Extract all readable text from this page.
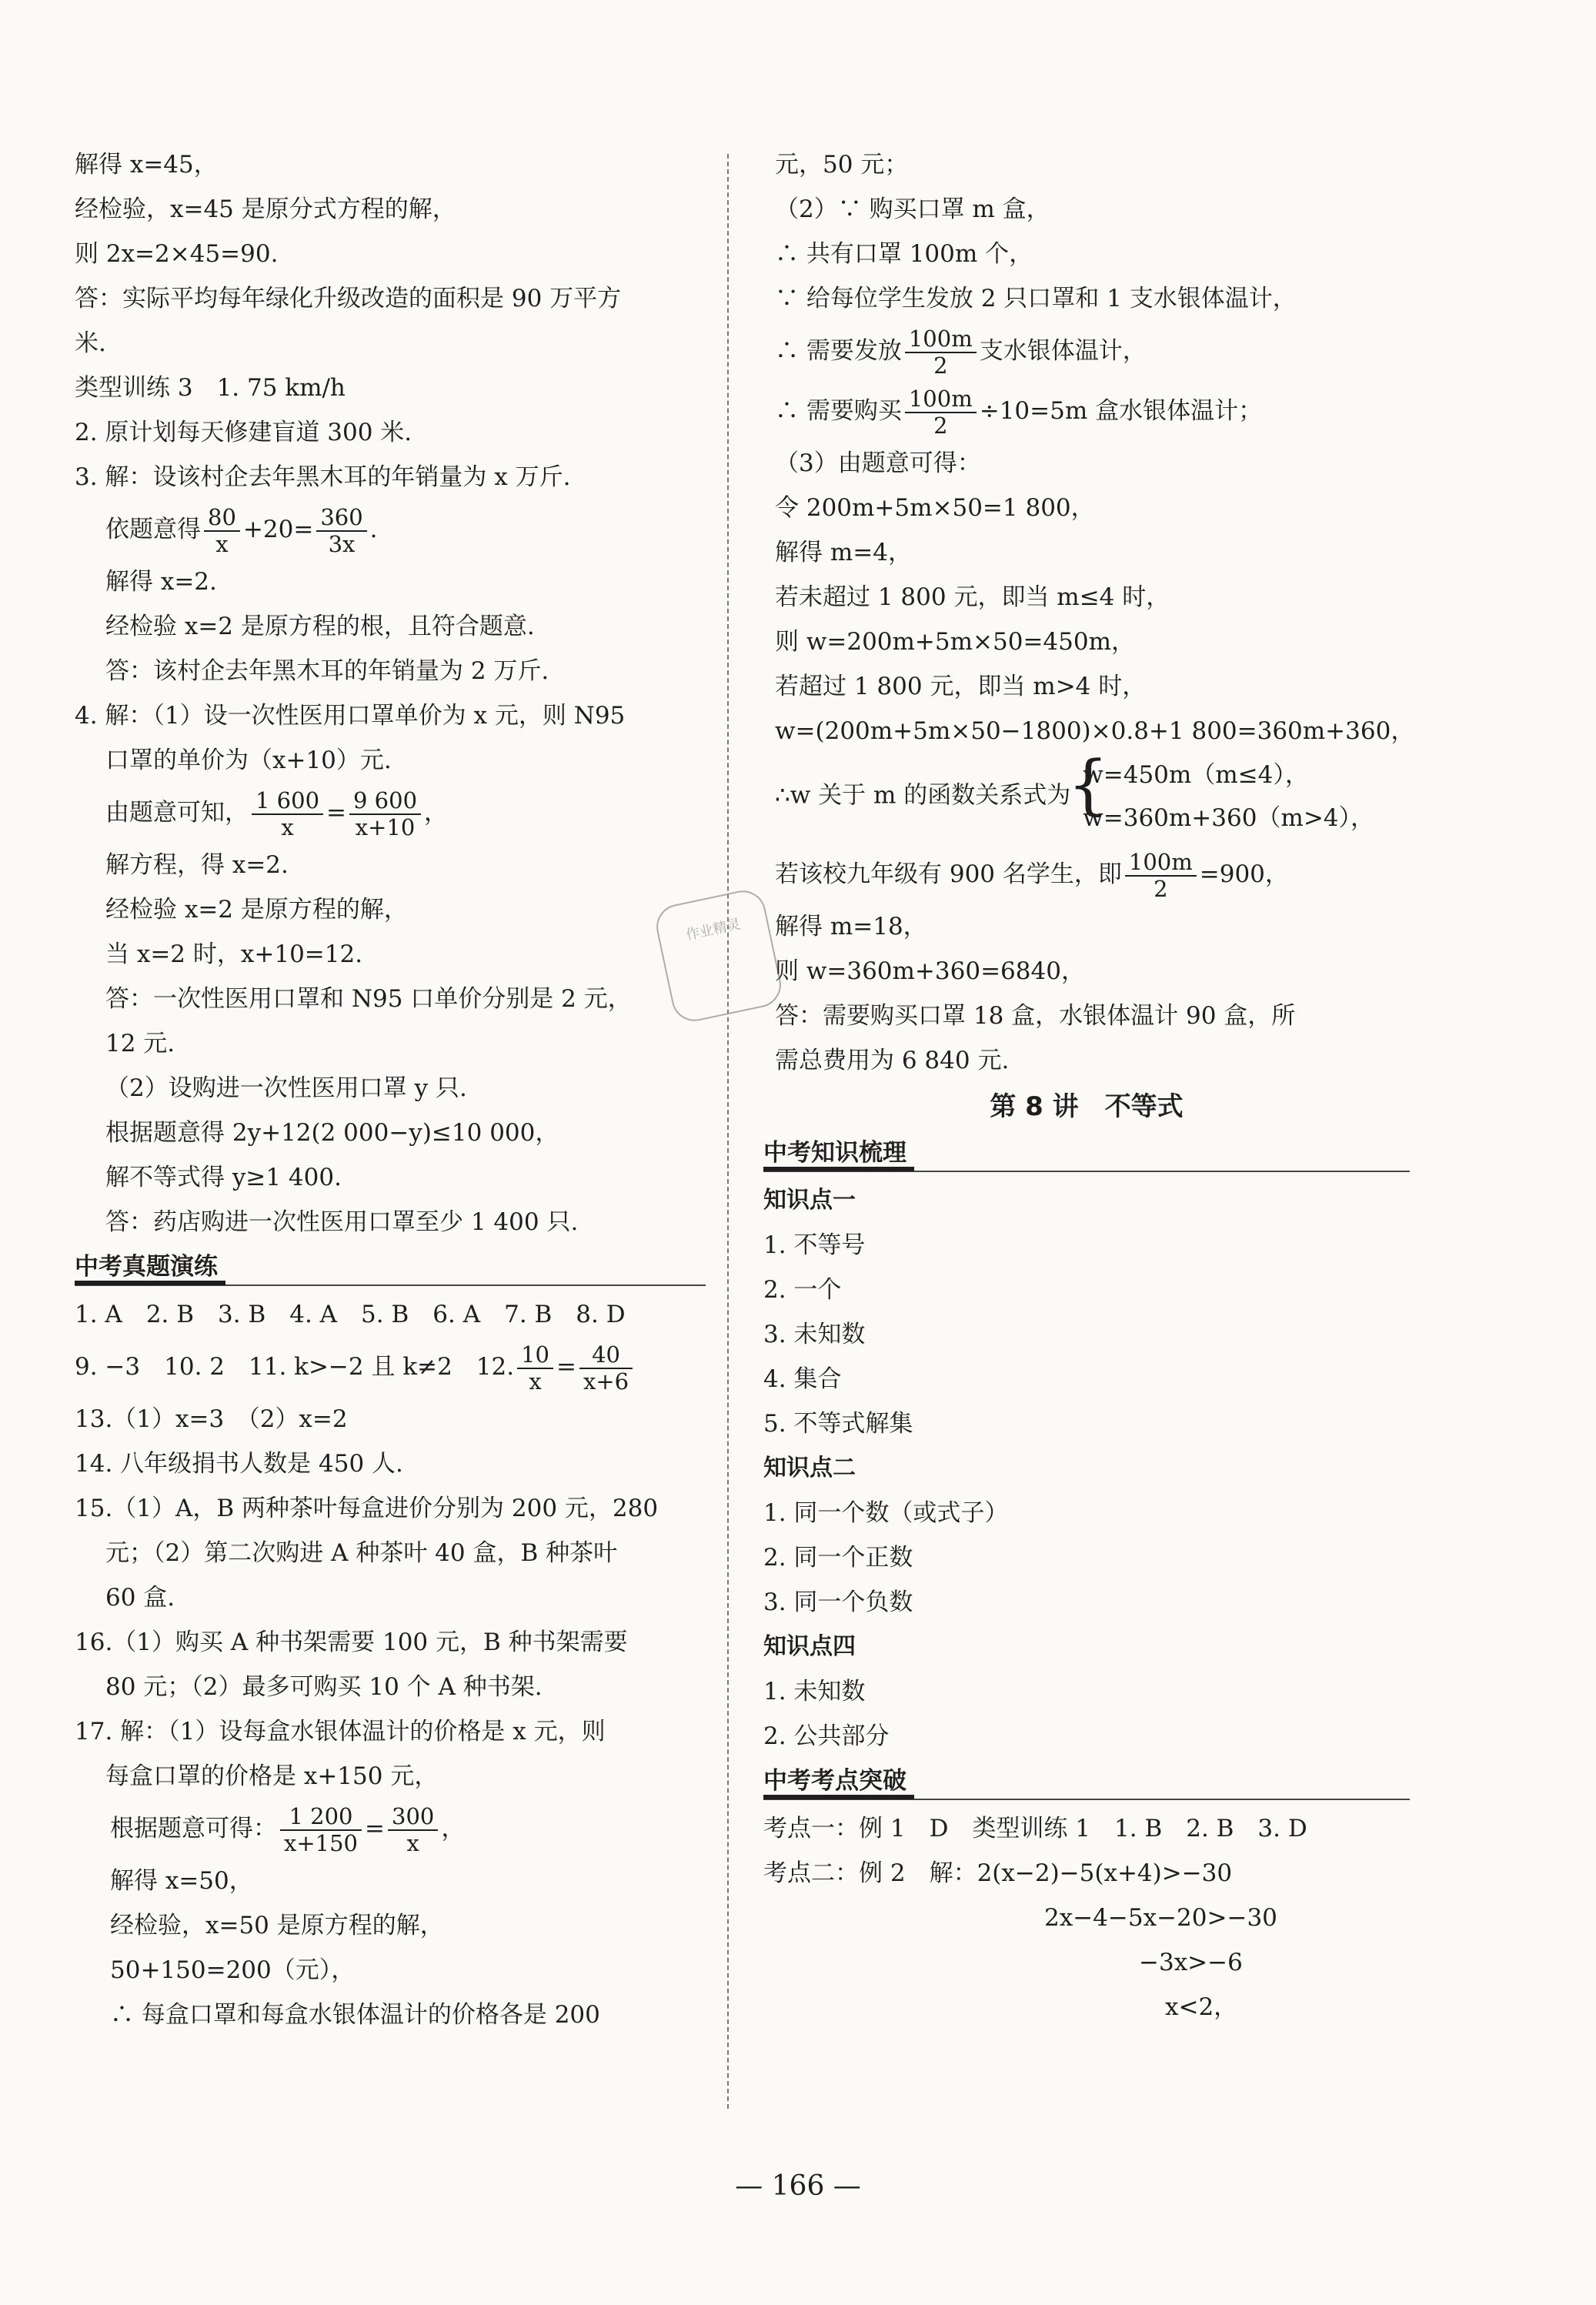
解得 x=45，
经检验，x=45 是原分式方程的解，
则 2x=2×45=90.
答：实际平均每年绿化升级改造的面积是 90 万平方
米.
类型训练 3　1. 75 km/h
2. 原计划每天修建盲道 300 米.
3. 解：设该村企去年黑木耳的年销量为 x 万斤.
依题意得 $\frac{80}{x} +20= \frac{360}{3x}$ .
解得 x=2.
经检验 x=2 是原方程的根，且符合题意.
答：该村企去年黑木耳的年销量为 2 万斤.
4. 解：（1）设一次性医用口罩单价为 x 元，则 N95
口罩的单价为（x+10）元.
由题意可知， $\frac{1 600}{x} = \frac{9 600}{x+10}$ ，
解方程，得 x=2.
经检验 x=2 是原方程的解，
当 x=2 时，x+10=12.
答：一次性医用口罩和 N95 口单价分别是 2 元，
12 元.
（2）设购进一次性医用口罩 y 只.
根据题意得 2y+12(2 000−y)≤10 000，
解不等式得 y≥1 400.
答：药店购进一次性医用口罩至少 1 400 只.
中考真题演练
1. A　2. B　3. B　4. A　5. B　6. A　7. B　8. D
9. −3　10. 2　11. k>−2 且 k≠2　12. $\frac{10}{x} = \frac{40}{x+6}$
13.（1）x=3　（2）x=2
14. 八年级捐书人数是 450 人.
15.（1）A，B 两种茶叶每盒进价分别为 200 元，280
元；（2）第二次购进 A 种茶叶 40 盒，B 种茶叶
60 盒.
16.（1）购买 A 种书架需要 100 元，B 种书架需要
80 元；（2）最多可购买 10 个 A 种书架.
17. 解：（1）设每盒水银体温计的价格是 x 元，则
每盒口罩的价格是 x+150 元，
根据题意可得： $\frac{1 200}{x+150} = \frac{300}{x}$ ，
解得 x=50，
经检验，x=50 是原方程的解，
50+150=200（元），
∴ 每盒口罩和每盒水银体温计的价格各是 200
作业精灵
元，50 元；
（2）∵ 购买口罩 m 盒，
∴ 共有口罩 100m 个，
∵ 给每位学生发放 2 只口罩和 1 支水银体温计，
∴ 需要发放 $\frac{100m}{2}$ 支水银体温计，
∴ 需要购买 $\frac{100m}{2} \div 10=5m$ 盒水银体温计；
（3）由题意可得：
令 200m+5m×50=1 800，
解得 m=4，
若未超过 1 800 元，即当 m≤4 时，
则 w=200m+5m×50=450m，
若超过 1 800 元，即当 m>4 时，
w=(200m+5m×50−1800)×0.8+1 800=360m+360，
∴w 关于 m 的函数关系式为
{ w=450m（m≤4），
w=360m+360（m>4），
若该校九年级有 900 名学生，即 $\frac{100m}{2} =900$，
解得 m=18，
则 w=360m+360=6840，
答：需要购买口罩 18 盒，水银体温计 90 盒，所
需总费用为 6 840 元.
第 8 讲　不等式
中考知识梳理
知识点一
1. 不等号
2. 一个
3. 未知数
4. 集合
5. 不等式解集
知识点二
1. 同一个数（或式子）
2. 同一个正数
3. 同一个负数
知识点四
1. 未知数
2. 公共部分
中考考点突破
考点一：例 1　D　类型训练 1　1. B　2. B　3. D
考点二：例 2　解：2(x−2)−5(x+4)>−30
2x−4−5x−20>−30
−3x>−6
x<2，
— 166 —
